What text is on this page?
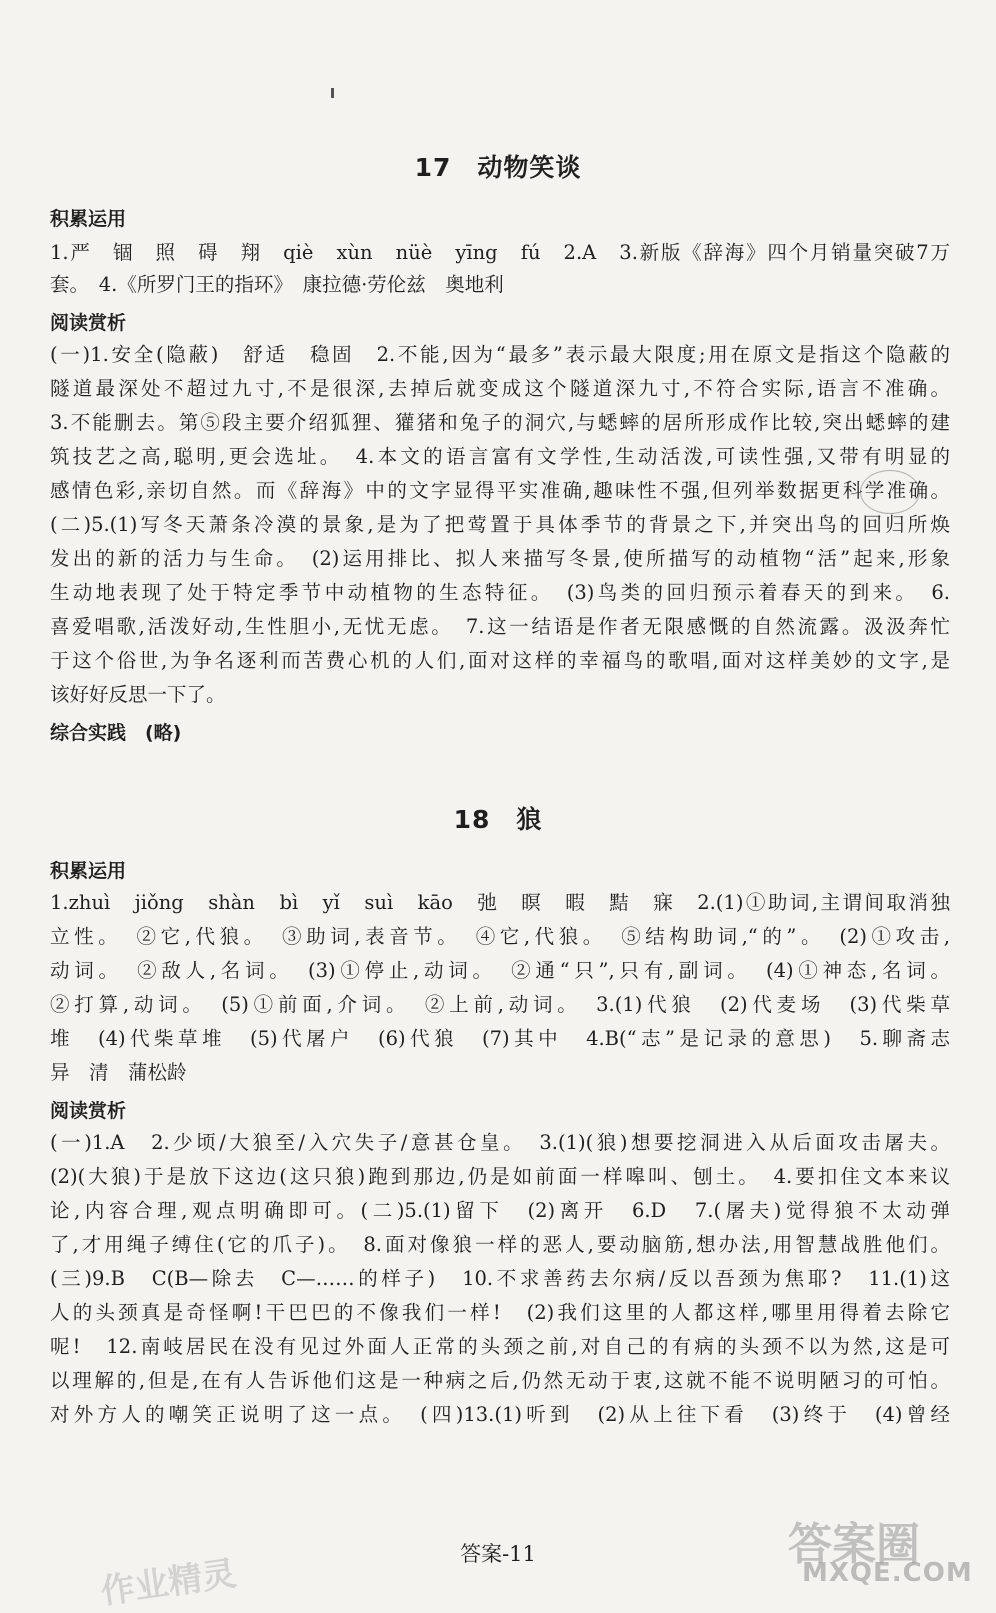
17　动物笑谈
积累运用
1.严　锢　照　碍　翔　qiè　xùn　nüè　yīng　fú　2.A　3.新版《辞海》四个月销量突破7万
套。　4.《所罗门王的指环》　康拉德·劳伦兹　奥地利
阅读赏析
(一)1.安全(隐蔽)　舒适　稳固　2.不能,因为“最多”表示最大限度;用在原文是指这个隐蔽的
隧道最深处不超过九寸,不是很深,去掉后就变成这个隧道深九寸,不符合实际,语言不准确。
3.不能删去。第⑤段主要介绍狐狸、獾猪和兔子的洞穴,与蟋蟀的居所形成作比较,突出蟋蟀的建
筑技艺之高,聪明,更会选址。　4.本文的语言富有文学性,生动活泼,可读性强,又带有明显的
感情色彩,亲切自然。而《辞海》中的文字显得平实准确,趣味性不强,但列举数据更科学准确。
(二)5.(1)写冬天萧条冷漠的景象,是为了把莺置于具体季节的背景之下,并突出鸟的回归所焕
发出的新的活力与生命。　(2)运用排比、拟人来描写冬景,使所描写的动植物“活”起来,形象
生动地表现了处于特定季节中动植物的生态特征。　(3)鸟类的回归预示着春天的到来。　6.
喜爱唱歌,活泼好动,生性胆小,无忧无虑。　7.这一结语是作者无限感慨的自然流露。汲汲奔忙
于这个俗世,为争名逐利而苦费心机的人们,面对这样的幸福鸟的歌唱,面对这样美妙的文字,是
该好好反思一下了。
综合实践　(略)
18　狼
积累运用
1.zhuì　jiǒng　shàn　bì　yǐ　suì　kāo　弛　瞑　暇　黠　寐　2.(1)①助词,主谓间取消独
立性。　②它,代狼。　③助词,表音节。　④它,代狼。　⑤结构助词,“的”。　(2)①攻击,
动词。　②敌人,名词。　(3)①停止,动词。　②通“只”,只有,副词。　(4)①神态,名词。
②打算,动词。　(5)①前面,介词。　②上前,动词。　3.(1)代狼　(2)代麦场　(3)代柴草
堆　(4)代柴草堆　(5)代屠户　(6)代狼　(7)其中　4.B(“志”是记录的意思)　5.聊斋志
异　清　蒲松龄
阅读赏析
(一)1.A　2.少顷/大狼至/入穴失子/意甚仓皇。　3.(1)(狼)想要挖洞进入从后面攻击屠夫。
(2)(大狼)于是放下这边(这只狼)跑到那边,仍是如前面一样嗥叫、刨土。　4.要扣住文本来议
论,内容合理,观点明确即可。(二)5.(1)留下　(2)离开　6.D　7.(屠夫)觉得狼不太动弹
了,才用绳子缚住(它的爪子)。　8.面对像狼一样的恶人,要动脑筋,想办法,用智慧战胜他们。
(三)9.B　C(B—除去　C—……的样子)　10.不求善药去尔病/反以吾颈为焦耶?　11.(1)这
人的头颈真是奇怪啊!干巴巴的不像我们一样!　(2)我们这里的人都这样,哪里用得着去除它
呢!　12.南岐居民在没有见过外面人正常的头颈之前,对自己的有病的头颈不以为然,这是可
以理解的,但是,在有人告诉他们这是一种病之后,仍然无动于衷,这就不能不说明陋习的可怕。
对外方人的嘲笑正说明了这一点。　(四)13.(1)听到　(2)从上往下看　(3)终于　(4)曾经
答案-11
作业精灵
答案圈
MXQE.COM
